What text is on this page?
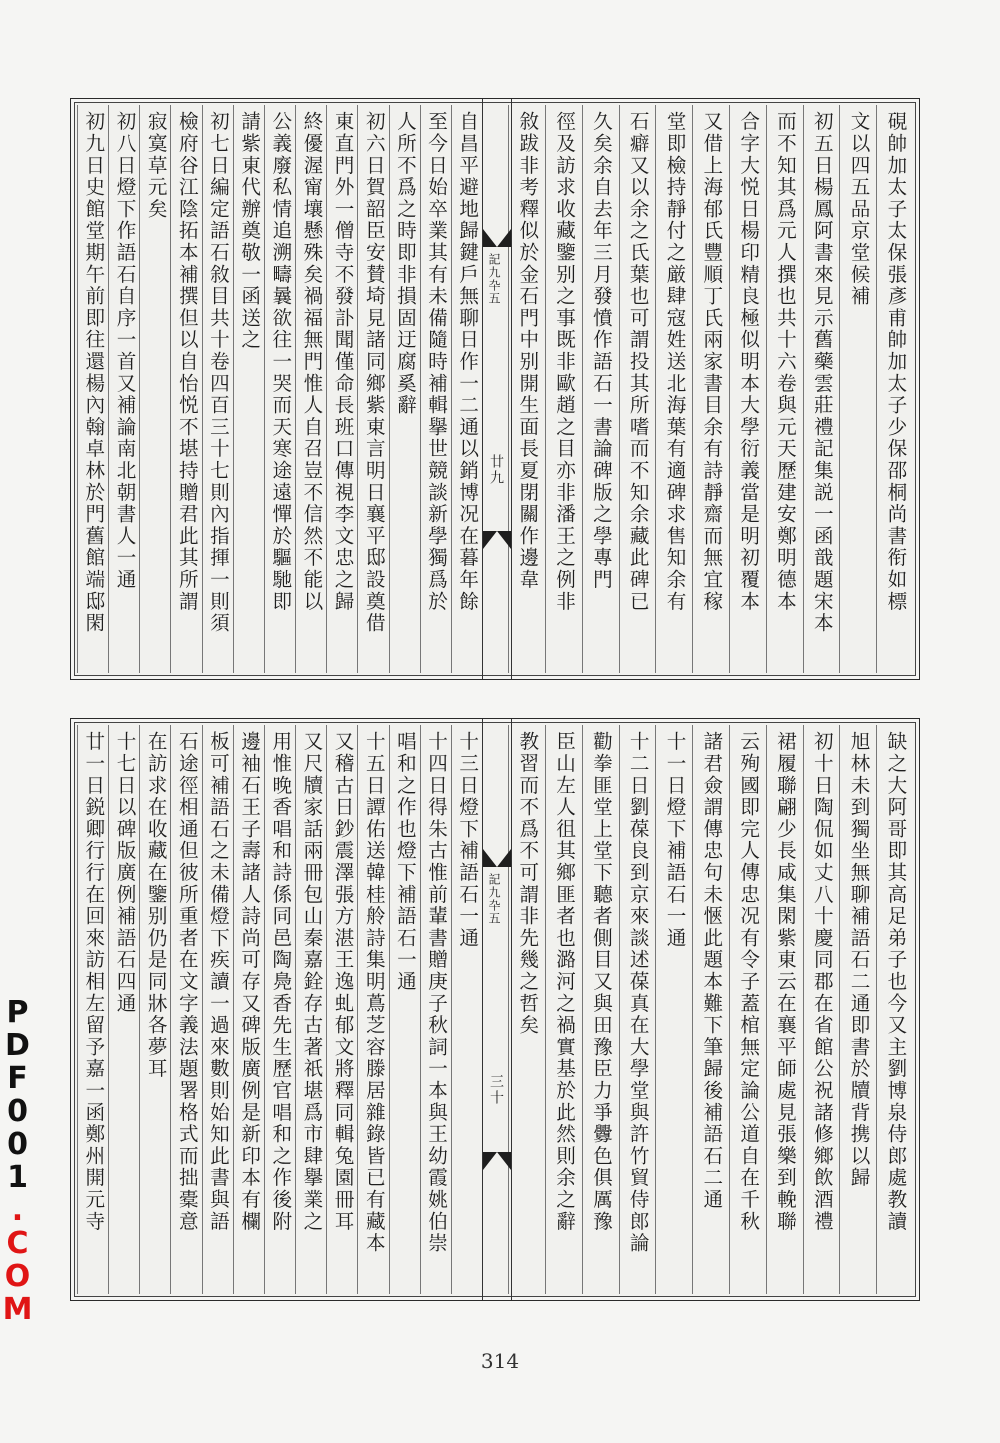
硯帥加太子太保張彥甫帥加太子少保邵桐尚書衔如標
文以四五品京堂候補
初五日楊鳳阿書來見示舊藥雲莊禮記集説一函戠題宋本
而不知其爲元人撰也共十六卷與元天歷建安鄭明德本
合字大悦日楊印精良極似明本大學衍義當是明初覆本
又借上海郁氏豐順丁氏兩家書目余有詩靜齋而無宜稼
堂即檢持靜付之厳肆寇姓送北海葉有適碑求售知余有
石癖又以余之氏葉也可謂投其所嗜而不知余藏此碑已
久矣余自去年三月發憤作語石一書論碑版之學專門
徑及訪求收藏鑒别之事既非歐趙之目亦非潘王之例非
敘跋非考釋似於金石門中别開生面長夏閉關作邊韋
記九卆五
廿九
自昌平避地歸鍵戶無聊日作一二通以銷博况在暮年餘
至今日始卒業其有未備隨時補輯擧世競談新學獨爲於
人所不爲之時即非損固迂腐奚辭
初六日賀韶臣安賛埼見諸同鄉紫東言明日襄平邸設奠借
東直門外一僧寺不發訃聞僅命長班口傳視李文忠之歸
終優渥甯壤懸殊矣禍福無門惟人自召豈不信然不能以
公義廢私情追溯疇曩欲往一哭而天寒途遠憚於驅馳即
請紫東代辦奠敬一函送之
初七日編定語石敘目共十卷四百三十七則內指揮一則須
檢府谷江陰拓本補撰但以自怡悦不堪持贈君此其所謂
寂寞草元矣
初八日燈下作語石自序一首又補論南北朝書人一通
初九日史館堂期午前即往還楊內翰卓林於門舊館端邸閑
缺之大阿哥即其高足弟子也今又主劉博泉侍郎處教讀
旭林未到獨坐無聊補語石二通即書於牘背携以歸
初十日陶侃如丈八十慶同郡在省館公祝諸修鄉飲酒禮
裙履聯翩少長咸集閑紫東云在襄平師處見張樂到輓聯
云殉國即完人傳忠况有令子蓋棺無定論公道自在千秋
諸君僉謂傳忠句未愜此題本難下筆歸後補語石二通
十一日燈下補語石一通
十二日劉葆良到京來談述葆真在大學堂與許竹貿侍郎論
勸拳匪堂上堂下聽者側目又與田豫臣力爭釁色俱厲豫
臣山左人徂其鄉匪者也潞河之禍實基於此然則余之辭
教習而不爲不可謂非先幾之哲矣
記九卆五
三十
十三日燈下補語石一通
十四日得朱古惟前輩書贈庚子秋詞一本與王幼霞姚伯崇
唱和之作也燈下補語石一通
十五日譚佑送韓桂舲詩集明蔦芝容滕居雜錄皆已有藏本
又稽古日鈔震澤張方湛王逸虬郁文將釋同輯兔園冊耳
又尺牘家話兩冊包山秦嘉銓存古著祇堪爲市肆擧業之
用惟晚香唱和詩係同邑陶鳧香先生歷官唱和之作後附
邊袖石王子壽諸人詩尚可存又碑版廣例是新印本有欄
板可補語石之未備燈下疾讀一過來數則始知此書與語
石途徑相通但彼所重者在文字義法題署格式而拙橐意
在訪求在收藏在鑒别仍是同牀各夢耳
十七日以碑版廣例補語石四通
廿一日鋭卿行行在回來訪相左留予嘉一函鄭州開元寺
PDF001.COM
314
